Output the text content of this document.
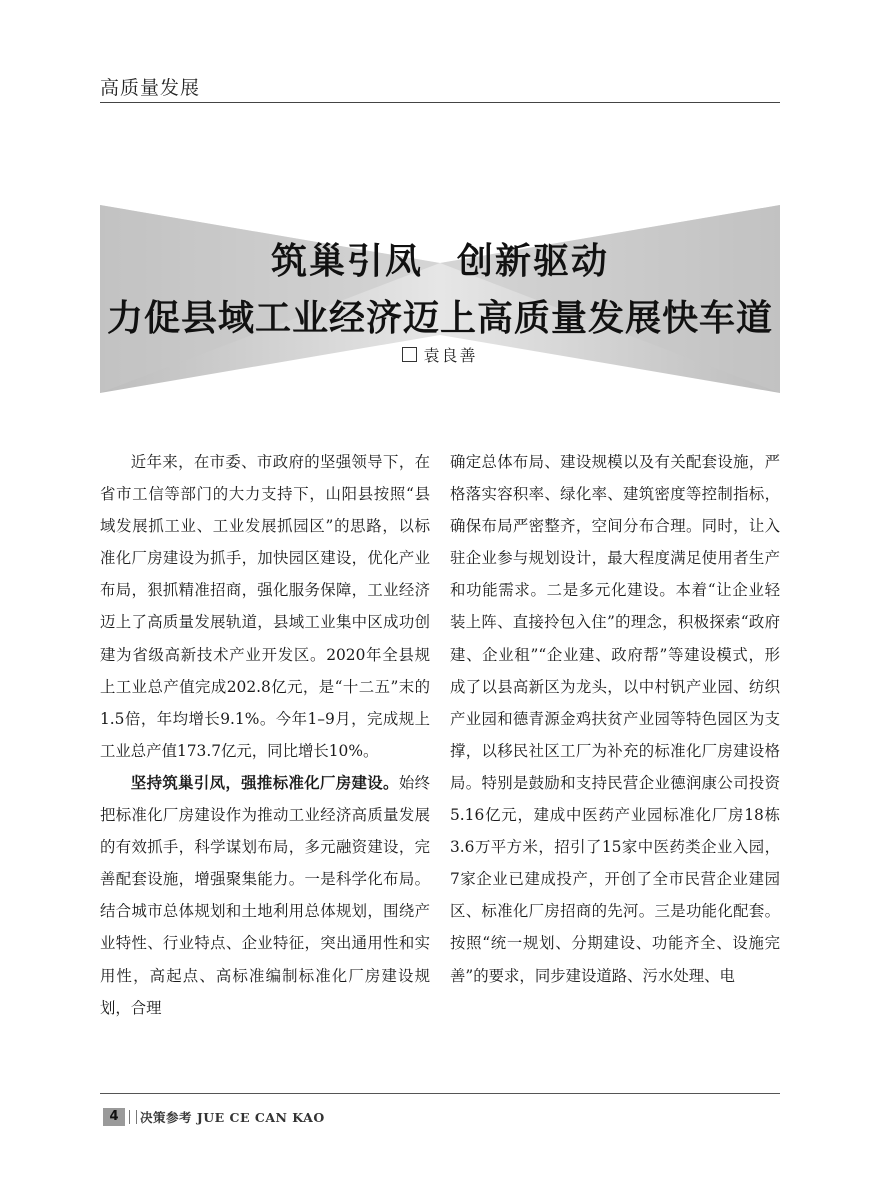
高质量发展
筑巢引凤 创新驱动
力促县域工业经济迈上高质量发展快车道
袁良善

近年来，在市委、市政府的坚强领导下，在省市工信等部门的大力支持下，山阳县按照“县域发展抓工业、工业发展抓园区”的思路，以标准化厂房建设为抓手，加快园区建设，优化产业布局，狠抓精准招商，强化服务保障，工业经济迈上了高质量发展轨道，县域工业集中区成功创建为省级高新技术产业开发区。2020年全县规上工业总产值完成202.8亿元，是“十二五”末的1.5倍，年均增长9.1%。今年1–9月，完成规上工业总产值173.7亿元，同比增长10%。

坚持筑巢引凤，强推标准化厂房建设。始终把标准化厂房建设作为推动工业经济高质量发展的有效抓手，科学谋划布局，多元融资建设，完善配套设施，增强聚集能力。一是科学化布局。结合城市总体规划和土地利用总体规划，围绕产业特性、行业特点、企业特征，突出通用性和实用性，高起点、高标准编制标准化厂房建设规划，合理

确定总体布局、建设规模以及有关配套设施，严格落实容积率、绿化率、建筑密度等控制指标，确保布局严密整齐，空间分布合理。同时，让入驻企业参与规划设计，最大程度满足使用者生产和功能需求。二是多元化建设。本着“让企业轻装上阵、直接拎包入住”的理念，积极探索“政府建、企业租”“企业建、政府帮”等建设模式，形成了以县高新区为龙头，以中村钒产业园、纺织产业园和德青源金鸡扶贫产业园等特色园区为支撑，以移民社区工厂为补充的标准化厂房建设格局。特别是鼓励和支持民营企业德润康公司投资5.16亿元，建成中医药产业园标准化厂房18栋3.6万平方米，招引了15家中医药类企业入园，7家企业已建成投产，开创了全市民营企业建园区、标准化厂房招商的先河。三是功能化配套。按照“统一规划、分期建设、功能齐全、设施完善”的要求，同步建设道路、污水处理、电

4	决策参考 JUE CE CAN KAO
